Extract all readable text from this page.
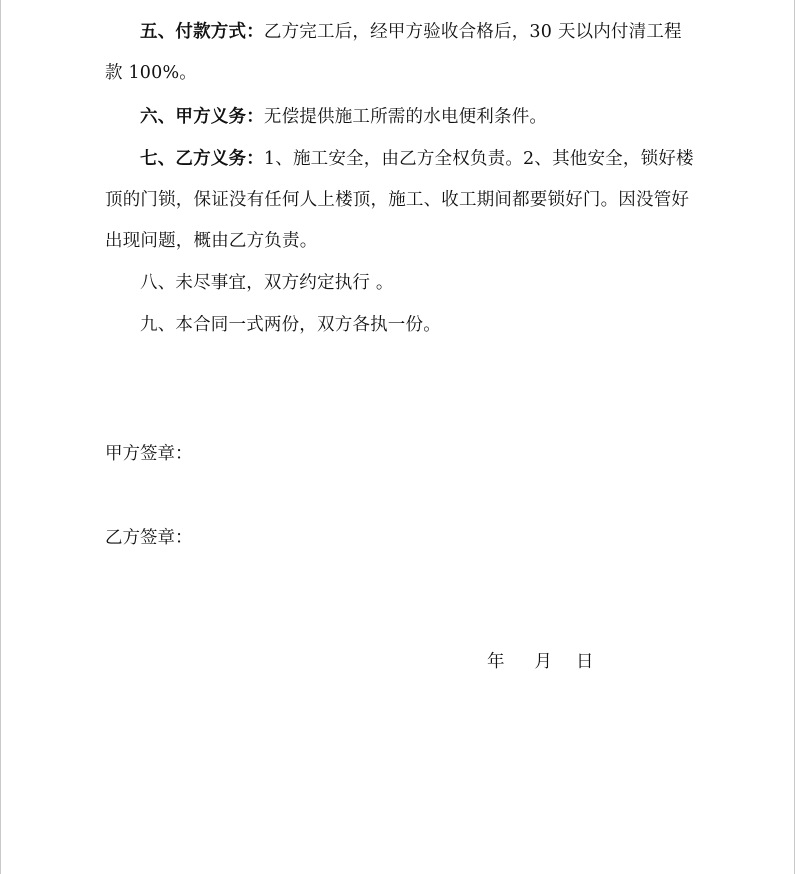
五、付款方式：乙方完工后，经甲方验收合格后，30 天以内付清工程款 100%。

六、甲方义务：无偿提供施工所需的水电便利条件。

七、乙方义务：1、施工安全，由乙方全权负责。2、其他安全，锁好楼顶的门锁，保证没有任何人上楼顶，施工、收工期间都要锁好门。因没管好出现问题，概由乙方负责。

八、未尽事宜，双方约定执行 。

九、本合同一式两份，双方各执一份。

甲方签章：

乙方签章：

年 月 日
